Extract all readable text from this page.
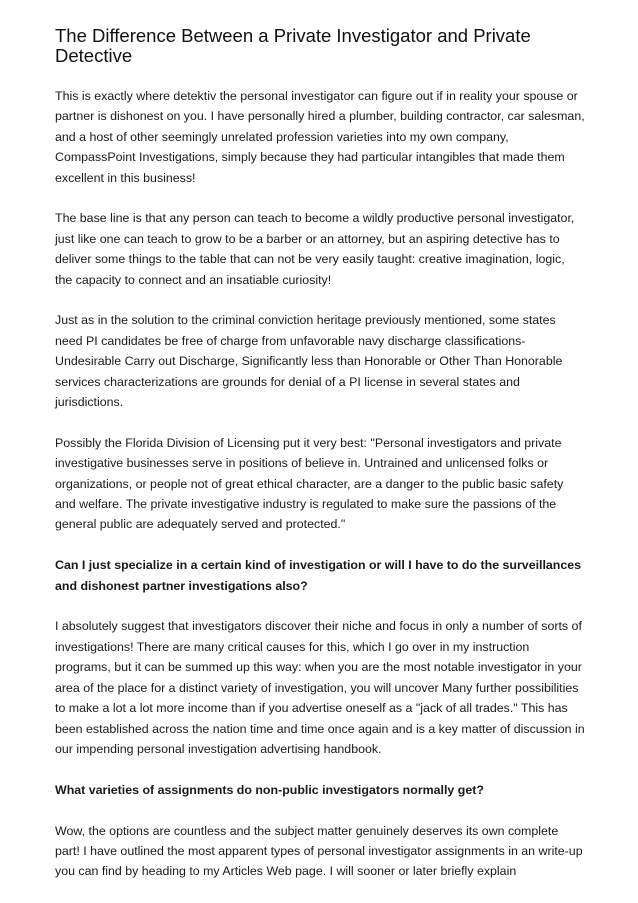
The Difference Between a Private Investigator and Private Detective

This is exactly where detektiv the personal investigator can figure out if in reality your spouse or partner is dishonest on you. I have personally hired a plumber, building contractor, car salesman, and a host of other seemingly unrelated profession varieties into my own company, CompassPoint Investigations, simply because they had particular intangibles that made them excellent in this business!

The base line is that any person can teach to become a wildly productive personal investigator, just like one can teach to grow to be a barber or an attorney, but an aspiring detective has to deliver some things to the table that can not be very easily taught: creative imagination, logic, the capacity to connect and an insatiable curiosity!

Just as in the solution to the criminal conviction heritage previously mentioned, some states need PI candidates be free of charge from unfavorable navy discharge classifications- Undesirable Carry out Discharge, Significantly less than Honorable or Other Than Honorable services characterizations are grounds for denial of a PI license in several states and jurisdictions.

Possibly the Florida Division of Licensing put it very best: "Personal investigators and private investigative businesses serve in positions of believe in. Untrained and unlicensed folks or organizations, or people not of great ethical character, are a danger to the public basic safety and welfare. The private investigative industry is regulated to make sure the passions of the general public are adequately served and protected."

Can I just specialize in a certain kind of investigation or will I have to do the surveillances and dishonest partner investigations also?

I absolutely suggest that investigators discover their niche and focus in only a number of sorts of investigations! There are many critical causes for this, which I go over in my instruction programs, but it can be summed up this way: when you are the most notable investigator in your area of the place for a distinct variety of investigation, you will uncover Many further possibilities to make a lot a lot more income than if you advertise oneself as a "jack of all trades." This has been established across the nation time and time once again and is a key matter of discussion in our impending personal investigation advertising handbook.

What varieties of assignments do non-public investigators normally get?

Wow, the options are countless and the subject matter genuinely deserves its own complete part! I have outlined the most apparent types of personal investigator assignments in an write-up you can find by heading to my Articles Web page. I will sooner or later briefly explain
